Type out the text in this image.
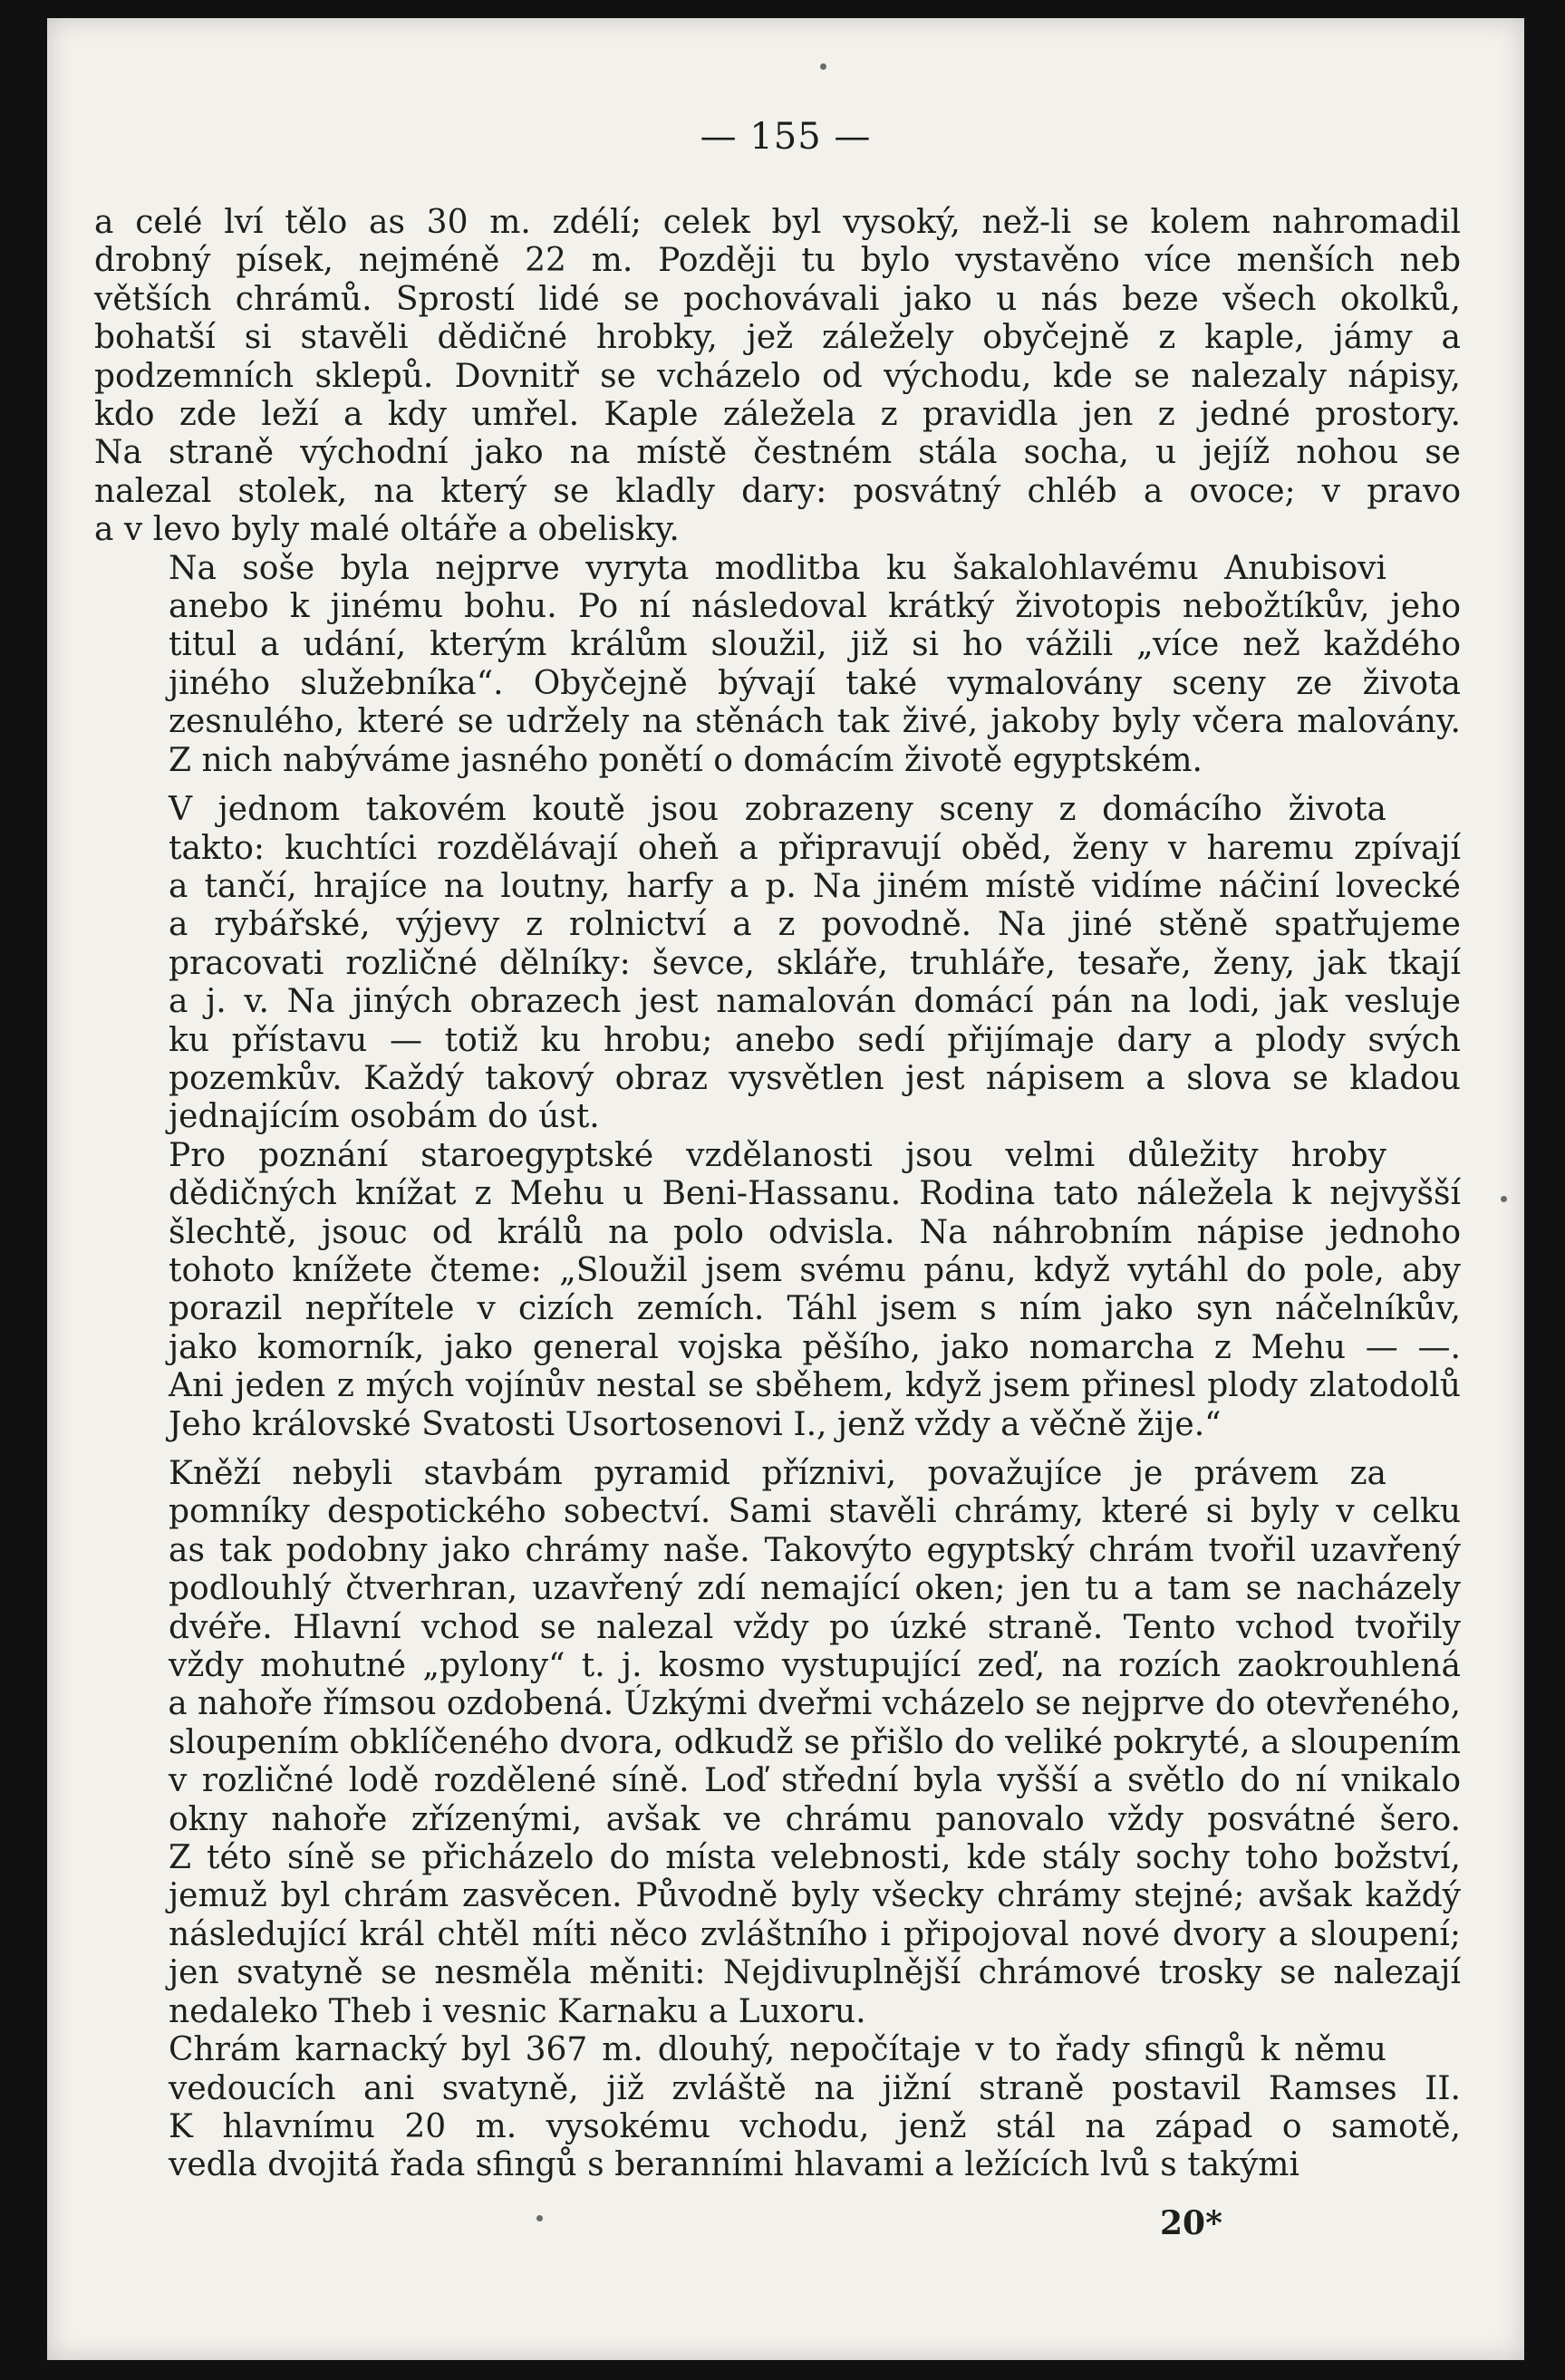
— 155 —
a celé lví tělo as 30 m. zdélí; celek byl vysoký, než-li se kolem nahromadil
drobný písek, nejméně 22 m. Později tu bylo vystavěno více menších neb
větších chrámů. Sprostí lidé se pochovávali jako u nás beze všech okolků,
bohatší si stavěli dědičné hrobky, jež záležely obyčejně z kaple, jámy a
podzemních sklepů. Dovnitř se vcházelo od východu, kde se nalezaly nápisy,
kdo zde leží a kdy umřel. Kaple záležela z pravidla jen z jedné prostory.
Na straně východní jako na místě čestném stála socha, u jejíž nohou se
nalezal stolek, na který se kladly dary: posvátný chléb a ovoce; v pravo
a v levo byly malé oltáře a obelisky.
Na soše byla nejprve vyryta modlitba ku šakalohlavému Anubisovi
anebo k jinému bohu. Po ní následoval krátký životopis nebožtíkův, jeho
titul a udání, kterým králům sloužil, již si ho vážili „více než každého
jiného služebníka“. Obyčejně bývají také vymalovány sceny ze života
zesnulého, které se udržely na stěnách tak živé, jakoby byly včera malovány.
Z nich nabýváme jasného ponětí o domácím životě egyptském.
V jednom takovém koutě jsou zobrazeny sceny z domácího života
takto: kuchtíci rozdělávají oheň a připravují oběd, ženy v haremu zpívají
a tančí, hrajíce na loutny, harfy a p. Na jiném místě vidíme náčiní lovecké
a rybářské, výjevy z rolnictví a z povodně. Na jiné stěně spatřujeme
pracovati rozličné dělníky: ševce, skláře, truhláře, tesaře, ženy, jak tkají
a j. v. Na jiných obrazech jest namalován domácí pán na lodi, jak vesluje
ku přístavu — totiž ku hrobu; anebo sedí přijímaje dary a plody svých
pozemkův. Každý takový obraz vysvětlen jest nápisem a slova se kladou
jednajícím osobám do úst.
Pro poznání staroegyptské vzdělanosti jsou velmi důležity hroby
dědičných knížat z Mehu u Beni-Hassanu. Rodina tato náležela k nejvyšší
šlechtě, jsouc od králů na polo odvisla. Na náhrobním nápise jednoho
tohoto knížete čteme: „Sloužil jsem svému pánu, když vytáhl do pole, aby
porazil nepřítele v cizích zemích. Táhl jsem s ním jako syn náčelníkův,
jako komorník, jako general vojska pěšího, jako nomarcha z Mehu — —.
Ani jeden z mých vojínův nestal se sběhem, když jsem přinesl plody zlatodolů
Jeho královské Svatosti Usortosenovi I., jenž vždy a věčně žije.“
Kněží nebyli stavbám pyramid příznivi, považujíce je právem za
pomníky despotického sobectví. Sami stavěli chrámy, které si byly v celku
as tak podobny jako chrámy naše. Takovýto egyptský chrám tvořil uzavřený
podlouhlý čtverhran, uzavřený zdí nemající oken; jen tu a tam se nacházely
dvéře. Hlavní vchod se nalezal vždy po úzké straně. Tento vchod tvořily
vždy mohutné „pylony“ t. j. kosmo vystupující zeď, na rozích zaokrouhlená
a nahoře římsou ozdobená. Úzkými dveřmi vcházelo se nejprve do otevřeného,
sloupením obklíčeného dvora, odkudž se přišlo do veliké pokryté, a sloupením
v rozličné lodě rozdělené síně. Loď střední byla vyšší a světlo do ní vnikalo
okny nahoře zřízenými, avšak ve chrámu panovalo vždy posvátné šero.
Z této síně se přicházelo do místa velebnosti, kde stály sochy toho božství,
jemuž byl chrám zasvěcen. Původně byly všecky chrámy stejné; avšak každý
následující král chtěl míti něco zvláštního i připojoval nové dvory a sloupení;
jen svatyně se nesměla měniti: Nejdivuplnější chrámové trosky se nalezají
nedaleko Theb i vesnic Karnaku a Luxoru.
Chrám karnacký byl 367 m. dlouhý, nepočítaje v to řady sfingů k němu
vedoucích ani svatyně, již zvláště na jižní straně postavil Ramses II.
K hlavnímu 20 m. vysokému vchodu, jenž stál na západ o samotě,
vedla dvojitá řada sfingů s beranními hlavami a ležících lvů s takými
20*
